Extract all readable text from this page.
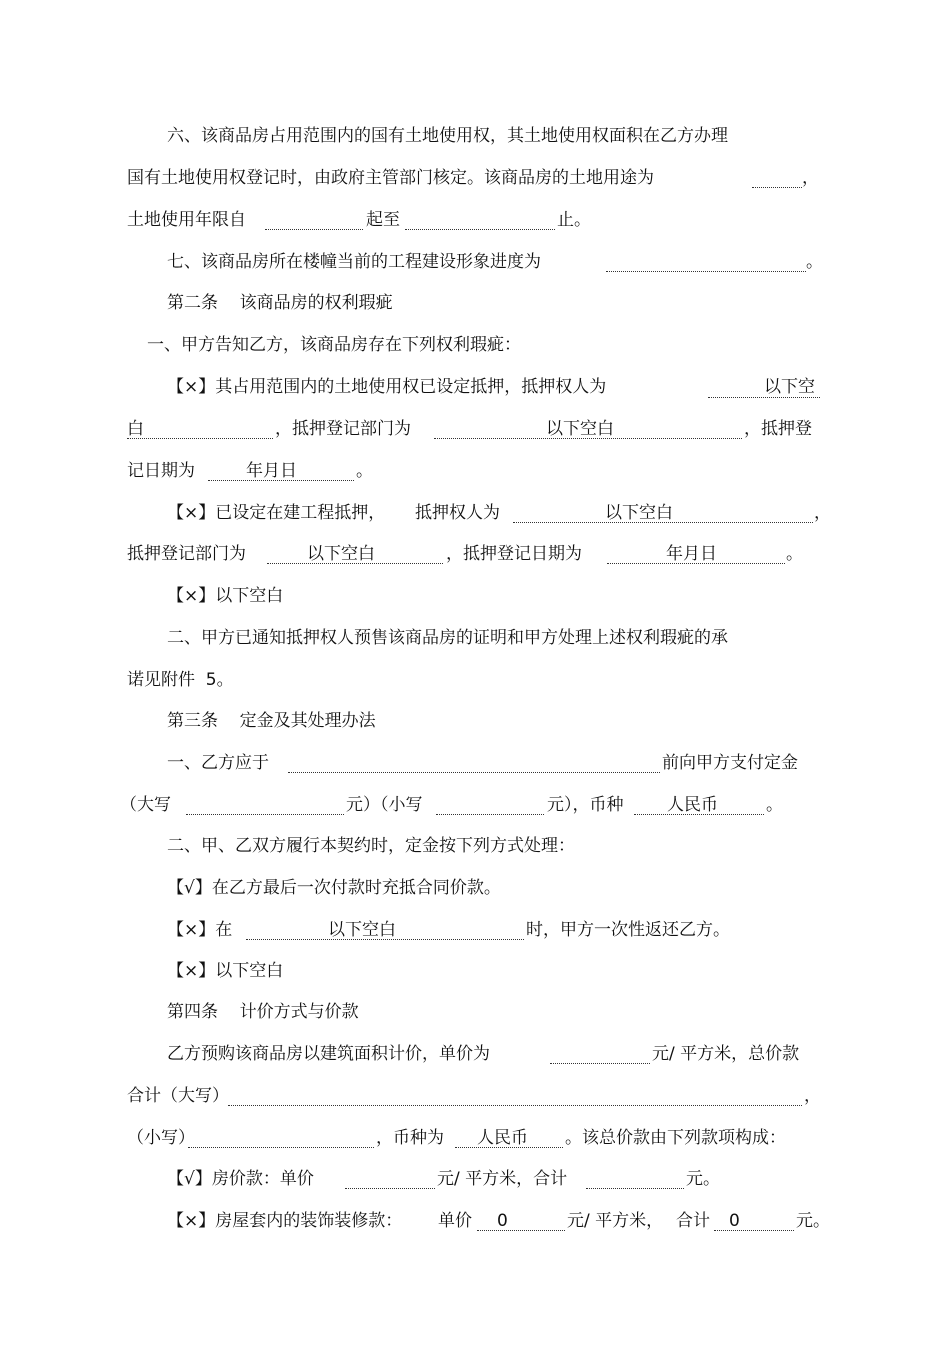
六、该商品房占用范围内的国有土地使用权，其土地使用权面积在乙方办理
国有土地使用权登记时，由政府主管部门核定。该商品房的土地用途为	，
土地使用年限自	起至	止。
七、该商品房所在楼幢当前的工程建设形象进度为	。
第二条    该商品房的权利瑕疵
一、甲方告知乙方，该商品房存在下列权利瑕疵：
【×】其占用范围内的土地使用权已设定抵押，抵押权人为	以下空
白	，抵押登记部门为	以下空白	，抵押登
记日期为	年月日	。
【×】已设定在建工程抵押， 抵押权人为	以下空白	，
抵押登记部门为	以下空白	，抵押登记日期为	年月日	。
【×】以下空白
二、甲方已通知抵押权人预售该商品房的证明和甲方处理上述权利瑕疵的承
诺见附件  5。
第三条    定金及其处理办法
一、乙方应于	前向甲方支付定金
（大写	元）（小写	元），币种	人民币	。
二、甲、乙双方履行本契约时，定金按下列方式处理：
【√】在乙方最后一次付款时充抵合同价款。
【×】在	以下空白	时，甲方一次性返还乙方。
【×】以下空白
第四条    计价方式与价款
乙方预购该商品房以建筑面积计价，单价为	元/ 平方米，总价款
合计（大写）	，
（小写）	，币种为 人民币 。该总价款由下列款项构成：
【√】房价款：单价	元/ 平方米，合计	元。
【×】房屋套内的装饰装修款： 单价 0	元/ 平方米， 合计 0	元。
